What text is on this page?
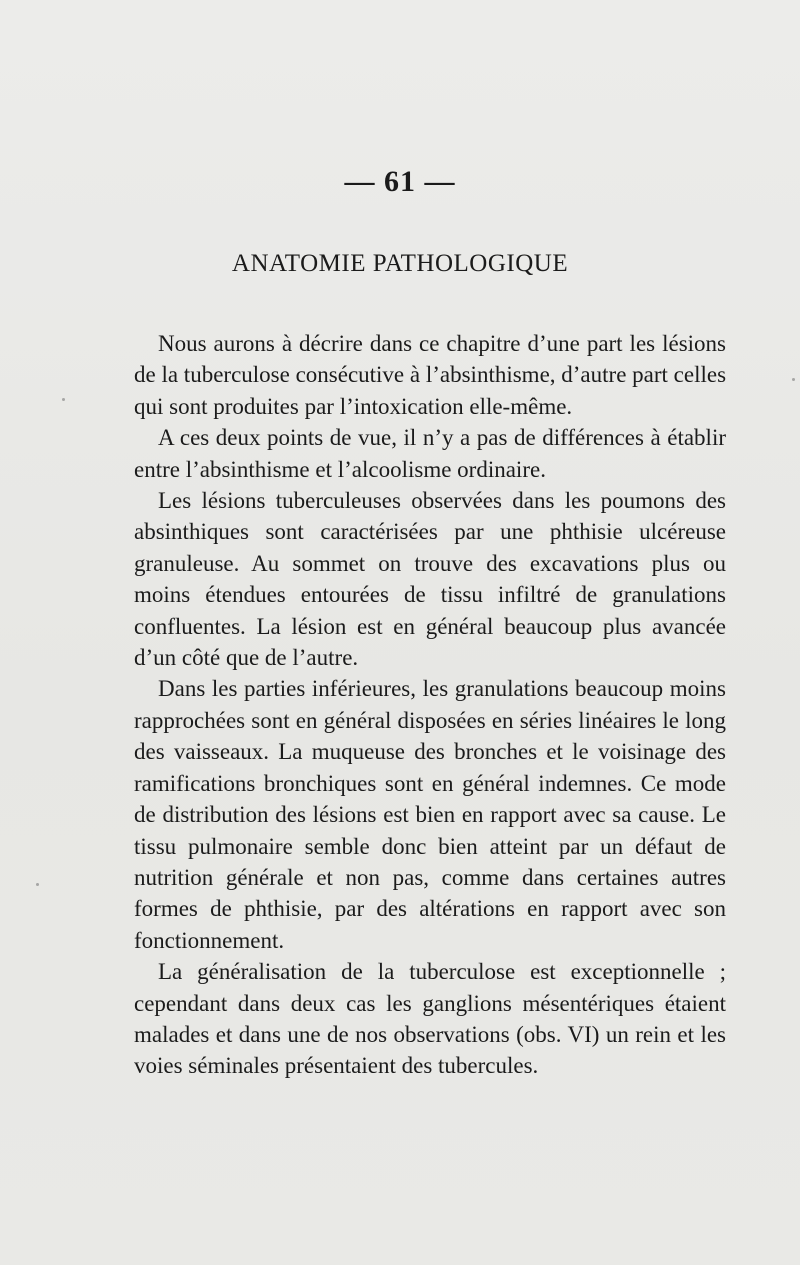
— 61 —
ANATOMIE PATHOLOGIQUE

Nous aurons à décrire dans ce chapitre d’une part les lésions de la tuberculose consécutive à l’absinthisme, d’autre part celles qui sont produites par l’intoxication elle-même.

A ces deux points de vue, il n’y a pas de différences à établir entre l’absinthisme et l’alcoolisme ordinaire.

Les lésions tuberculeuses observées dans les poumons des absinthiques sont caractérisées par une phthisie ulcéreuse granuleuse. Au sommet on trouve des excavations plus ou moins étendues entourées de tissu infiltré de granulations confluentes. La lésion est en général beaucoup plus avancée d’un côté que de l’autre.

Dans les parties inférieures, les granulations beaucoup moins rapprochées sont en général disposées en séries linéaires le long des vaisseaux. La muqueuse des bronches et le voisinage des ramifications bronchiques sont en général indemnes. Ce mode de distribution des lésions est bien en rapport avec sa cause. Le tissu pulmonaire semble donc bien atteint par un défaut de nutrition générale et non pas, comme dans certaines autres formes de phthisie, par des altérations en rapport avec son fonctionnement.

La généralisation de la tuberculose est exceptionnelle ; cependant dans deux cas les ganglions mésentériques étaient malades et dans une de nos observations (obs. VI) un rein et les voies séminales présentaient des tubercules.
